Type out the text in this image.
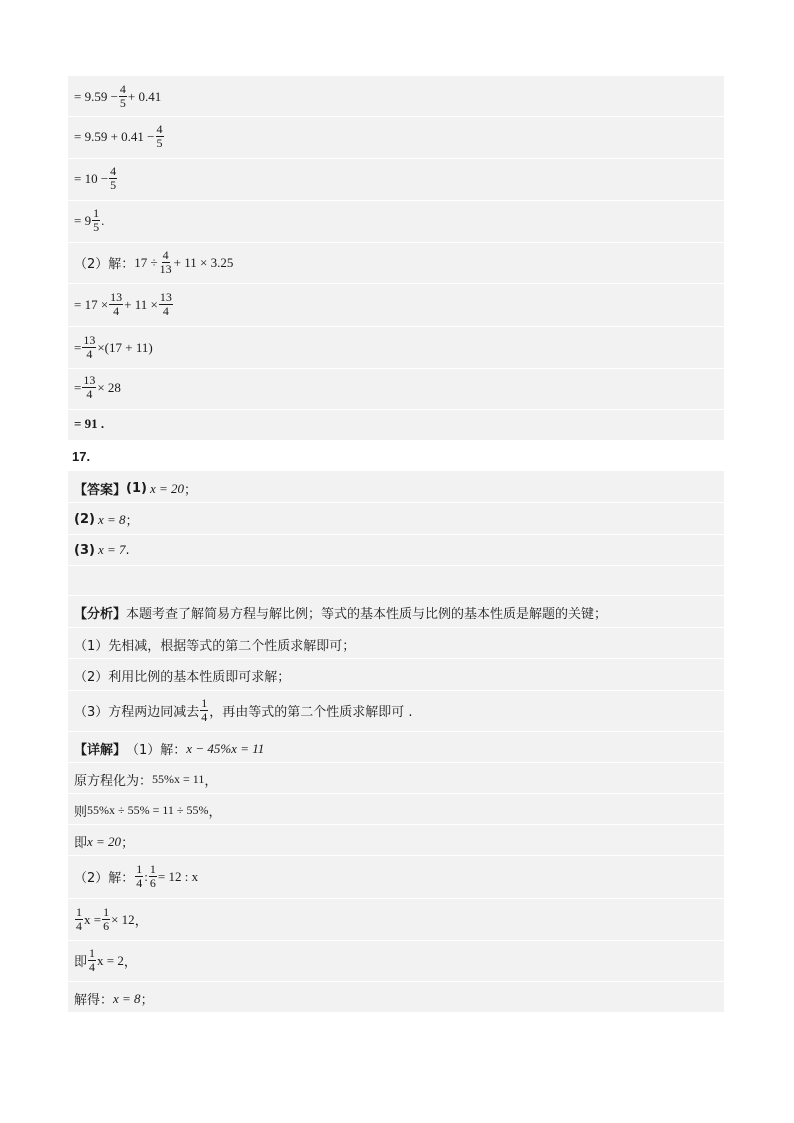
= $9.59 - \frac{4}{5} + 0.41$
= $9.59 + 0.41 - \frac{4}{5}$
= $10 - \frac{4}{5}$
= $9 \frac{1}{5}$ .
（2）解： $17 \div \frac{4}{13} + 11 \times 3.25$
= $17 \times \frac{13}{4} + 11 \times \frac{13}{4}$
= $\frac{13}{4} \times(17 + 11)$
= $\frac{13}{4} \times 28$
= 91 .
17.
【答案】 (1) x = 20 ；
(2) x = 8 ；
(3) x = 7 .
【分析】 本题考查了解简易方程与解比例；等式的基本性质与比例的基本性质是解题的关键；
（1）先相减，根据等式的第二个性质求解即可；
（2）利用比例的基本性质即可求解；
（3）方程两边同减去 $\frac{1}{4}$ ，再由等式的第二个性质求解即可 .
【详解】 （1）解： x − 45%x = 11
原方程化为： 55%x = 11 ，
则 55%x ÷ 55% = 11 ÷ 55% ，
即 x = 20 ；
（2）解： $\frac{1}{4}$ : $\frac{1}{6} = 12$ : x
$\frac{1}{4}$ $x = \frac{1}{6} \times 12$ ，
即 $\frac{1}{4}$ x = 2 ，
解得： x = 8 ；
